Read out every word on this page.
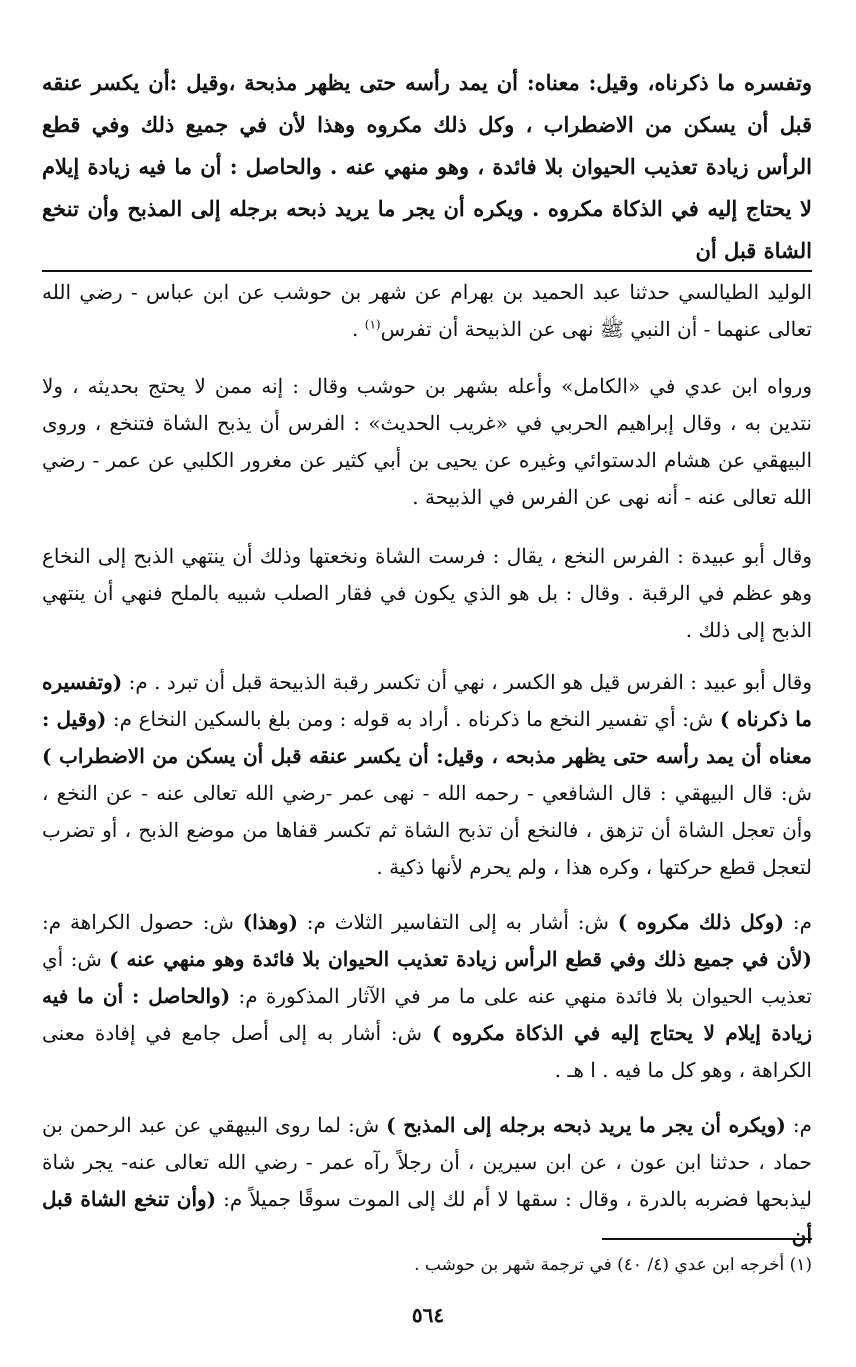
وتفسره ما ذكرناه، وقيل: معناه: أن يمد رأسه حتى يظهر مذبحة ،وقيل :أن يكسر عنقه قبل أن يسكن من الاضطراب ، وكل ذلك مكروه وهذا لأن في جميع ذلك وفي قطع الرأس زيادة تعذيب الحيوان بلا فائدة ، وهو منهي عنه . والحاصل : أن ما فيه زيادة إيلام لا يحتاج إليه في الذكاة مكروه . ويكره أن يجر ما يريد ذبحه برجله إلى المذبح وأن تنخع الشاة قبل أن

الوليد الطيالسي حدثنا عبد الحميد بن بهرام عن شهر بن حوشب عن ابن عباس - رضي الله تعالى عنهما - أن النبي ﷺ نهى عن الذبيحة أن تفرس$^{(١)}$ .

ورواه ابن عدي في «الكامل» وأعله بشهر بن حوشب وقال : إنه ممن لا يحتج بحديثه ، ولا نتدين به ، وقال إبراهيم الحربي في «غريب الحديث» : الفرس أن يذبح الشاة فتنخع ، وروى البيهقي عن هشام الدستوائي وغيره عن يحيى بن أبي كثير عن مغرور الكلبي عن عمر - رضي الله تعالى عنه - أنه نهى عن الفرس في الذبيحة .

وقال أبو عبيدة : الفرس النخع ، يقال : فرست الشاة ونخعتها وذلك أن ينتهي الذبح إلى النخاع وهو عظم في الرقبة . وقال : بل هو الذي يكون في فقار الصلب شبيه بالملح فنهي أن ينتهي الذبح إلى ذلك .

وقال أبو عبيد : الفرس قيل هو الكسر ، نهي أن تكسر رقبة الذبيحة قبل أن تبرد . م: (وتفسيره ما ذكرناه ) ش: أي تفسير النخع ما ذكرناه . أراد به قوله : ومن بلغ بالسكين النخاع م: (وقيل : معناه أن يمد رأسه حتى يظهر مذبحه ، وقيل: أن يكسر عنقه قبل أن يسكن من الاضطراب ) ش: قال البيهقي : قال الشافعي - رحمه الله - نهى عمر -رضي الله تعالى عنه - عن النخع ، وأن تعجل الشاة أن تزهق ، فالنخع أن تذبح الشاة ثم تكسر قفاها من موضع الذبح ، أو تضرب لتعجل قطع حركتها ، وكره هذا ، ولم يحرم لأنها ذكية .

م: (وكل ذلك مكروه ) ش: أشار به إلى التفاسير الثلاث م: (وهذا) ش: حصول الكراهة م: (لأن في جميع ذلك وفي قطع الرأس زيادة تعذيب الحيوان بلا فائدة وهو منهي عنه ) ش: أي تعذيب الحيوان بلا فائدة منهي عنه على ما مر في الآثار المذكورة م: (والحاصل : أن ما فيه زيادة إيلام لا يحتاج إليه في الذكاة مكروه ) ش: أشار به إلى أصل جامع في إفادة معنى الكراهة ، وهو كل ما فيه . ا هـ .

م: (ويكره أن يجر ما يريد ذبحه برجله إلى المذبح ) ش: لما روى البيهقي عن عبد الرحمن بن حماد ، حدثنا ابن عون ، عن ابن سيرين ، أن رجلاً رآه عمر - رضي الله تعالى عنه- يجر شاة ليذبحها فضربه بالدرة ، وقال : سقها لا أم لك إلى الموت سوقًا جميلاً م: (وأن تنخع الشاة قبل أن

(١) أخرجه ابن عدي (٤/ ٤٠) في ترجمة شهر بن حوشب .

٥٦٤
